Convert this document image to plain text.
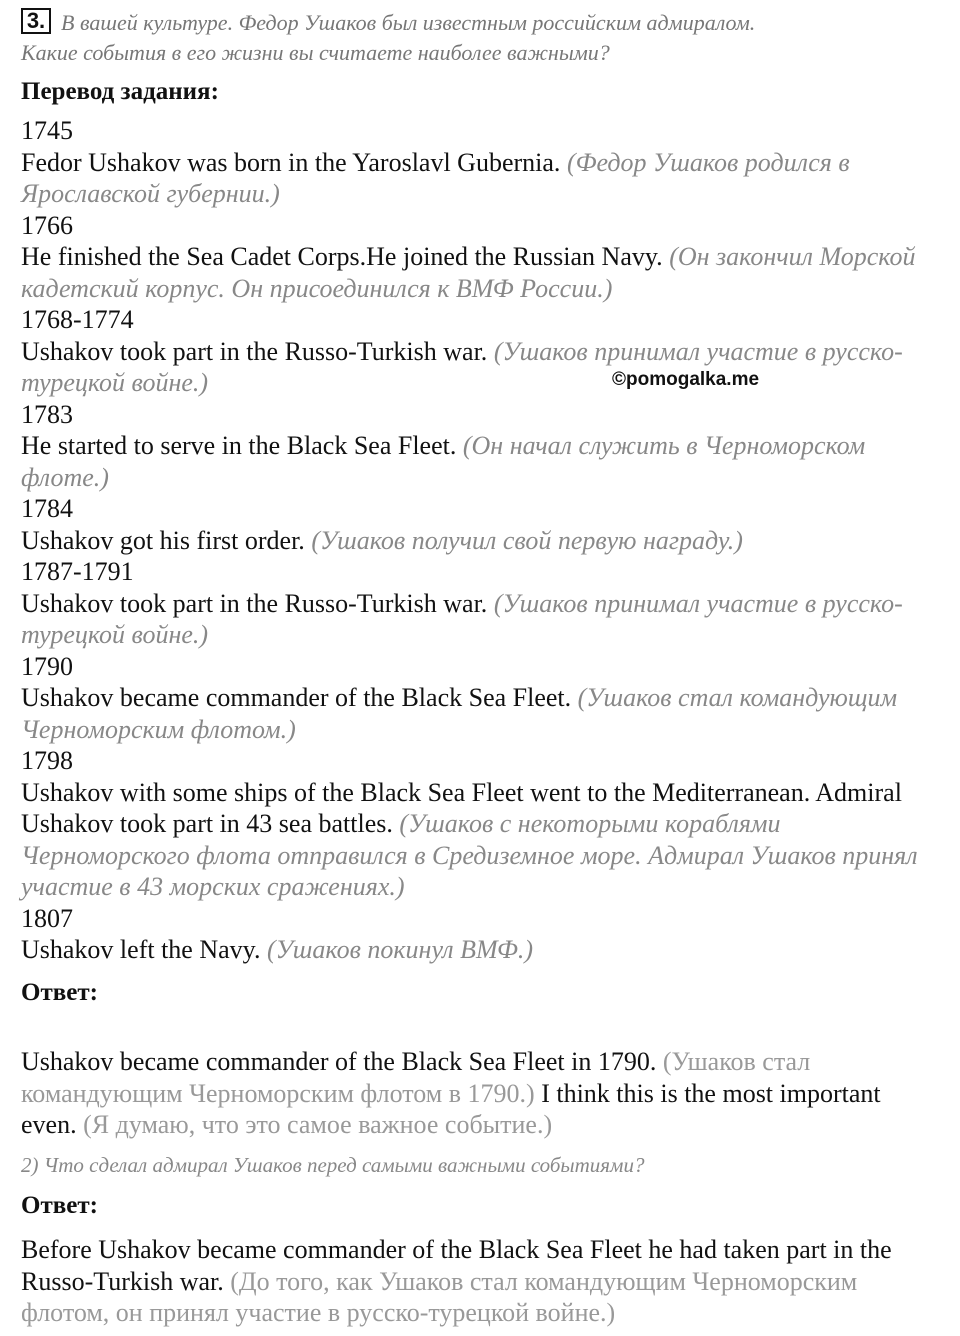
3. В вашей культуре. Федор Ушаков был известным российским адмиралом.
Какие события в его жизни вы считаете наиболее важными?
Перевод задания:
1745
Fedor Ushakov was born in the Yaroslavl Gubernia. (Федор Ушаков родился в Ярославской губернии.)
1766
He finished the Sea Cadet Corps.He joined the Russian Navy. (Он закончил Морской кадетский корпус. Он присоединился к ВМФ России.)
1768-1774
Ushakov took part in the Russo-Turkish war. (Ушаков принимал участие в русско-турецкой войне.)
1783
He started to serve in the Black Sea Fleet. (Он начал служить в Черноморском флоте.)
1784
Ushakov got his first order. (Ушаков получил свой первую награду.)
1787-1791
Ushakov took part in the Russo-Turkish war. (Ушаков принимал участие в русско-турецкой войне.)
1790
Ushakov became commander of the Black Sea Fleet. (Ушаков стал командующим Черноморским флотом.)
1798
Ushakov with some ships of the Black Sea Fleet went to the Mediterranean. Admiral Ushakov took part in 43 sea battles. (Ушаков с некоторыми кораблями Черноморского флота отправился в Средиземное море. Адмирал Ушаков принял участие в 43 морских сражениях.)
1807
Ushakov left the Navy. (Ушаков покинул ВМФ.)
Ответ:
Ushakov became commander of the Black Sea Fleet in 1790. (Ушаков стал командующим Черноморским флотом в 1790.) I think this is the most important even. (Я думаю, что это самое важное событие.)
2) Что сделал адмирал Ушаков перед самыми важными событиями?
Ответ:
Before Ushakov became commander of the Black Sea Fleet he had taken part in the Russo-Turkish war. (До того, как Ушаков стал командующим Черноморским флотом, он принял участие в русско-турецкой войне.)
©pomogalka.me
